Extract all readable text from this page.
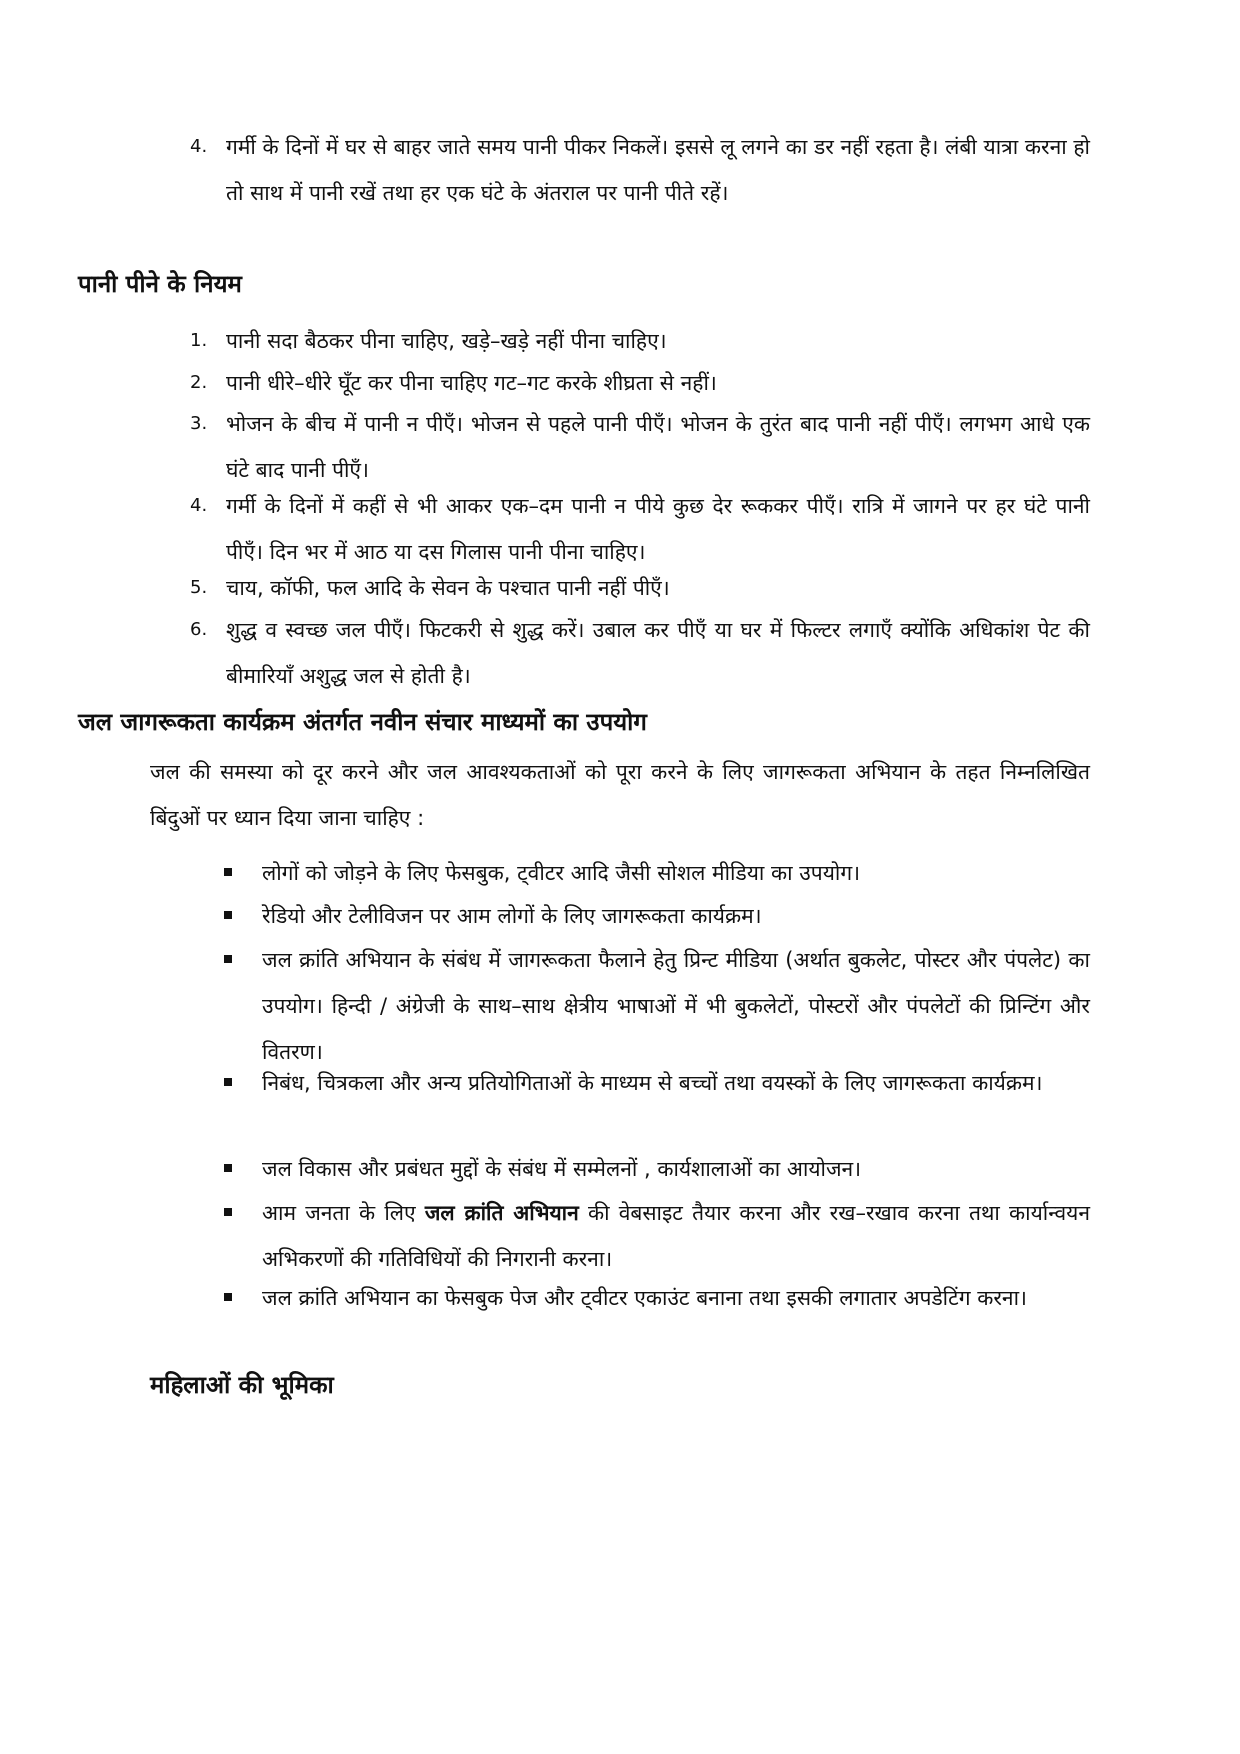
4. गर्मी के दिनों में घर से बाहर जाते समय पानी पीकर निकलें। इससे लू लगने का डर नहीं रहता है। लंबी यात्रा करना हो तो साथ में पानी रखें तथा हर एक घंटे के अंतराल पर पानी पीते रहें।
पानी पीने के नियम
1. पानी सदा बैठकर पीना चाहिए, खड़े–खड़े नहीं पीना चाहिए।
2. पानी धीरे–धीरे घूँट कर पीना चाहिए गट–गट करके शीघ्रता से नहीं।
3. भोजन के बीच में पानी न पीएँ। भोजन से पहले पानी पीएँ। भोजन के तुरंत बाद पानी नहीं पीएँ। लगभग आधे एक घंटे बाद पानी पीएँ।
4. गर्मी के दिनों में कहीं से भी आकर एक–दम पानी न पीये कुछ देर रूककर पीएँ। रात्रि में जागने पर हर घंटे पानी पीएँ। दिन भर में आठ या दस गिलास पानी पीना चाहिए।
5. चाय, कॉफी, फल आदि के सेवन के पश्चात पानी नहीं पीएँ।
6. शुद्ध व स्वच्छ जल पीएँ। फिटकरी से शुद्ध करें। उबाल कर पीएँ या घर में फिल्टर लगाएँ क्योंकि अधिकांश पेट की बीमारियाँ अशुद्ध जल से होती है।
जल जागरूकता कार्यक्रम अंतर्गत नवीन संचार माध्यमों का उपयोग
जल की समस्या को दूर करने और जल आवश्यकताओं को पूरा करने के लिए जागरूकता अभियान के तहत निम्नलिखित बिंदुओं पर ध्यान दिया जाना चाहिए :
लोगों को जोड़ने के लिए फेसबुक, ट्वीटर आदि जैसी सोशल मीडिया का उपयोग।
रेडियो और टेलीविजन पर आम लोगों के लिए जागरूकता कार्यक्रम।
जल क्रांति अभियान के संबंध में जागरूकता फैलाने हेतु प्रिन्ट मीडिया (अर्थात बुकलेट, पोस्टर और पंपलेट) का उपयोग। हिन्दी / अंग्रेजी के साथ–साथ क्षेत्रीय भाषाओं में भी बुकलेटों, पोस्टरों और पंपलेटों की प्रिन्टिंग और वितरण।
निबंध, चित्रकला और अन्य प्रतियोगिताओं के माध्यम से बच्चों तथा वयस्कों के लिए जागरूकता कार्यक्रम।
जल विकास और प्रबंधत मुद्दों के संबंध में सम्मेलनों , कार्यशालाओं का आयोजन।
आम जनता के लिए जल क्रांति अभियान की वेबसाइट तैयार करना और रख–रखाव करना तथा कार्यान्वयन अभिकरणों की गतिविधियों की निगरानी करना।
जल क्रांति अभियान का फेसबुक पेज और ट्वीटर एकाउंट बनाना तथा इसकी लगातार अपडेटिंग करना।
महिलाओं की भूमिका
